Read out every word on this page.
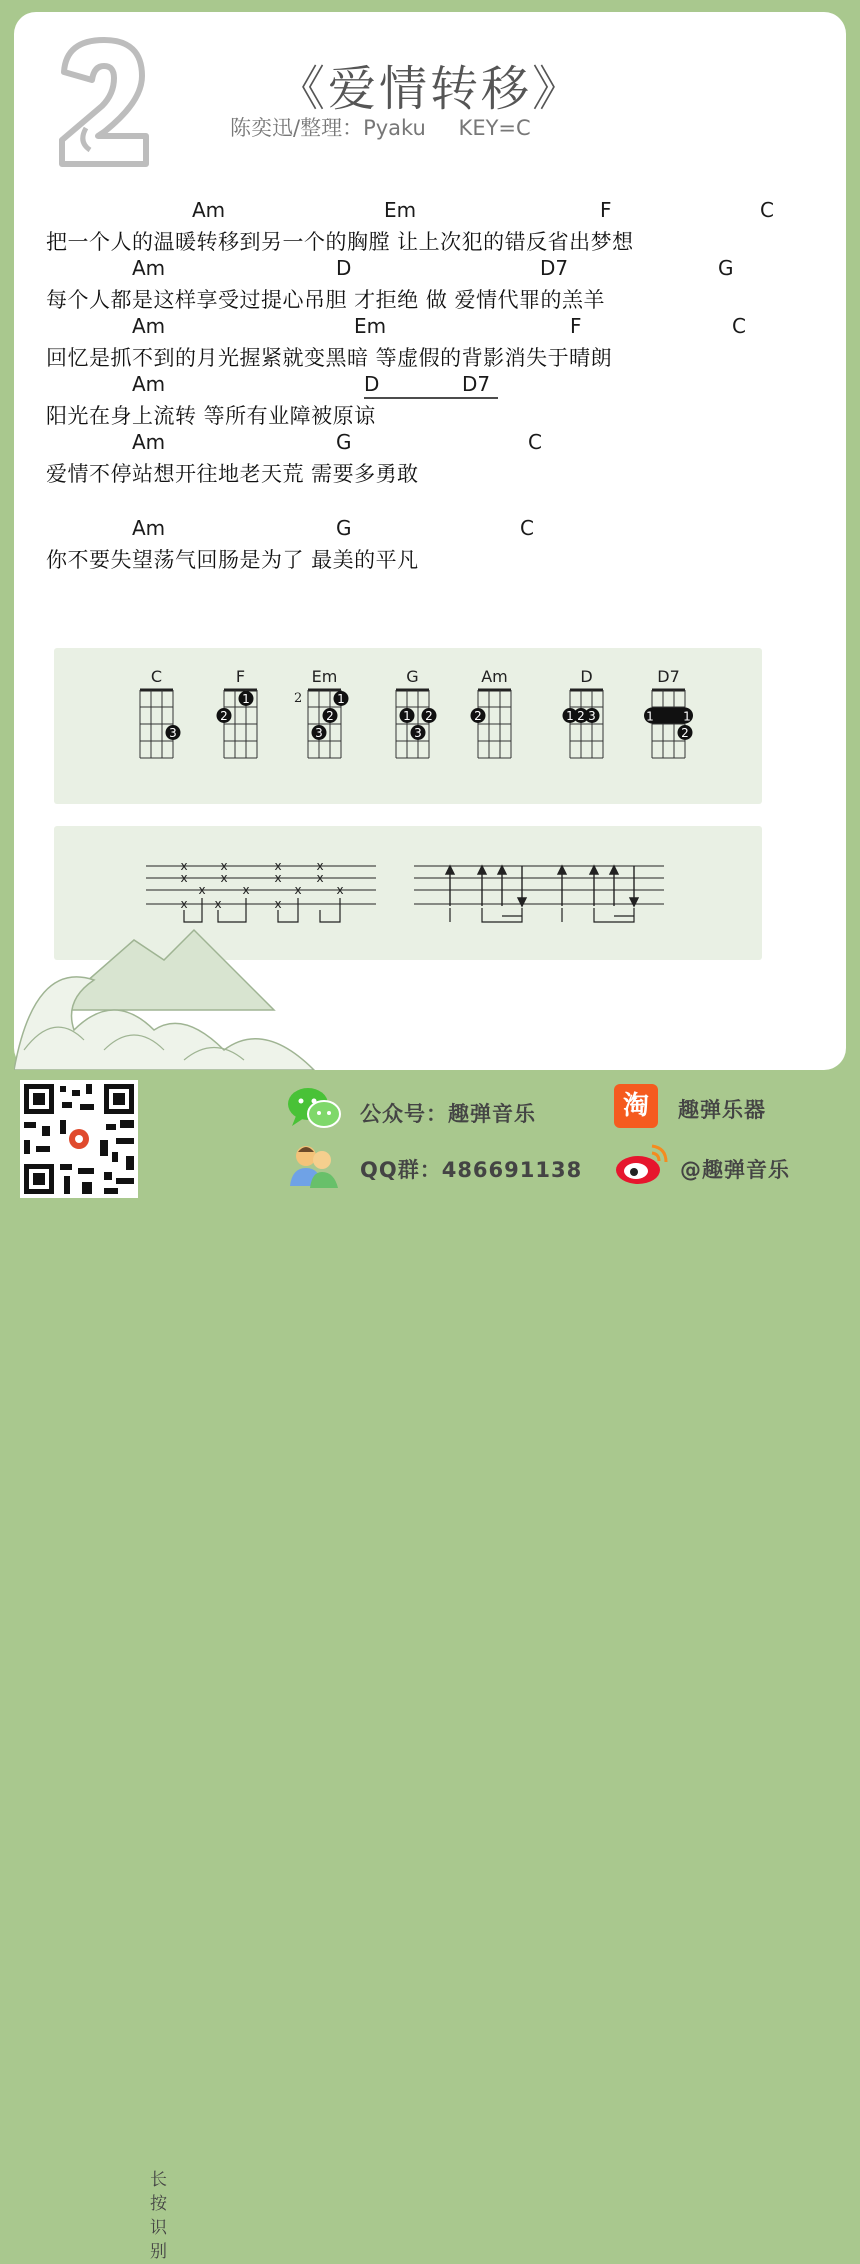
《爱情转移》
陈奕迅/整理：Pyaku KEY=C
Am	Em	F	C
把一个人的温暖转移到另一个的胸膛 让上次犯的错反省出梦想
Am	D	D7	G
每个人都是这样享受过提心吊胆 才拒绝 做 爱情代罪的羔羊
Am	Em	F	C
回忆是抓不到的月光握紧就变黑暗 等虚假的背影消失于晴朗
Am	D	D7
阳光在身上流转 等所有业障被原谅
Am	G	C
爱情不停站想开往地老天荒 需要多勇敢
Am	G	C
你不要失望荡气回肠是为了 最美的平凡
C
3
F
1
2
Em
2	1
2
3
G
1 2
3
Am
2
D
1 2 3
D7
1 1
2
x
x
x
x
x
x
x
x
x
x
x
x
x
x
x
长按识别
公众号：趣弹音乐
QQ群：486691138
淘	趣弹乐器
@趣弹音乐
